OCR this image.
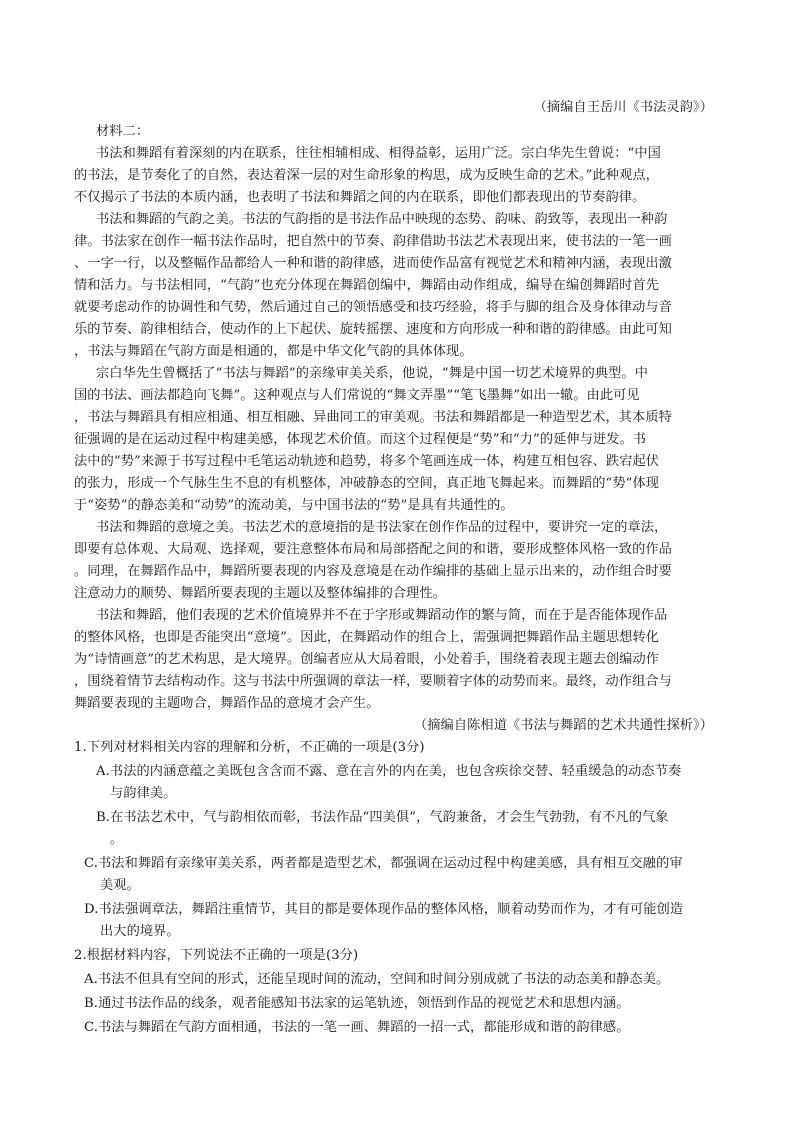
（摘编自王岳川《书法灵韵》）
材料二：
书法和舞蹈有着深刻的内在联系，往往相辅相成、相得益彰，运用广泛。宗白华先生曾说：“中国
的书法，是节奏化了的自然，表达着深一层的对生命形象的构思，成为反映生命的艺术。”此种观点，
不仅揭示了书法的本质内涵，也表明了书法和舞蹈之间的内在联系，即他们都表现出的节奏韵律。
书法和舞蹈的气韵之美。书法的气韵指的是书法作品中映现的态势、韵味、韵致等，表现出一种韵
律。书法家在创作一幅书法作品时，把自然中的节奏、韵律借助书法艺术表现出来，使书法的一笔一画
、一字一行，以及整幅作品都给人一种和谐的韵律感，进而使作品富有视觉艺术和精神内涵，表现出激
情和活力。与书法相同，“气韵”也充分体现在舞蹈创编中，舞蹈由动作组成，编导在编创舞蹈时首先
就要考虑动作的协调性和气势，然后通过自己的领悟感受和技巧经验，将手与脚的组合及身体律动与音
乐的节奏、韵律相结合，使动作的上下起伏、旋转摇摆、速度和方向形成一种和谐的韵律感。由此可知
，书法与舞蹈在气韵方面是相通的，都是中华文化气韵的具体体现。
宗白华先生曾概括了“书法与舞蹈”的亲缘审美关系，他说，“舞是中国一切艺术境界的典型。中
国的书法、画法都趋向飞舞”。这种观点与人们常说的“舞文弄墨”“笔飞墨舞”如出一辙。由此可见
，书法与舞蹈具有相应相通、相互相融、异曲同工的审美观。书法和舞蹈都是一种造型艺术，其本质特
征强调的是在运动过程中构建美感，体现艺术价值。而这个过程便是“势”和“力”的延伸与迸发。书
法中的“势”来源于书写过程中毛笔运动轨迹和趋势，将多个笔画连成一体，构建互相包容、跌宕起伏
的张力，形成一个气脉生生不息的有机整体，冲破静态的空间，真正地飞舞起来。而舞蹈的“势”体现
于“姿势”的静态美和“动势”的流动美，与中国书法的“势”是具有共通性的。
书法和舞蹈的意境之美。书法艺术的意境指的是书法家在创作作品的过程中，要讲究一定的章法，
即要有总体观、大局观、选择观，要注意整体布局和局部搭配之间的和谐，要形成整体风格一致的作品
。同理，在舞蹈作品中，舞蹈所要表现的内容及意境是在动作编排的基础上显示出来的，动作组合时要
注意动力的顺势、舞蹈所要表现的主题以及整体编排的合理性。
书法和舞蹈，他们表现的艺术价值境界并不在于字形或舞蹈动作的繁与简，而在于是否能体现作品
的整体风格，也即是否能突出“意境”。因此，在舞蹈动作的组合上，需强调把舞蹈作品主题思想转化
为“诗情画意”的艺术构思，是大境界。创编者应从大局着眼，小处着手，围绕着表现主题去创编动作
，围绕着情节去结构动作。这与书法中所强调的章法一样，要顺着字体的动势而来。最终，动作组合与
舞蹈要表现的主题吻合，舞蹈作品的意境才会产生。
（摘编自陈相道《书法与舞蹈的艺术共通性探析》）
1.下列对材料相关内容的理解和分析，不正确的一项是(3分)
A.书法的内涵意蕴之美既包含含而不露、意在言外的内在美，也包含疾徐交替、轻重缓急的动态节奏
与韵律美。
B.在书法艺术中，气与韵相依而彰，书法作品“四美俱”，气韵兼备，才会生气勃勃，有不凡的气象
。
C.书法和舞蹈有亲缘审美关系，两者都是造型艺术，都强调在运动过程中构建美感，具有相互交融的审
美观。
D.书法强调章法，舞蹈注重情节，其目的都是要体现作品的整体风格，顺着动势而作为，才有可能创造
出大的境界。
2.根据材料内容，下列说法不正确的一项是(3分)
A.书法不但具有空间的形式，还能呈现时间的流动，空间和时间分别成就了书法的动态美和静态美。
B.通过书法作品的线条，观者能感知书法家的运笔轨迹，领悟到作品的视觉艺术和思想内涵。
C.书法与舞蹈在气韵方面相通，书法的一笔一画、舞蹈的一招一式，都能形成和谐的韵律感。
